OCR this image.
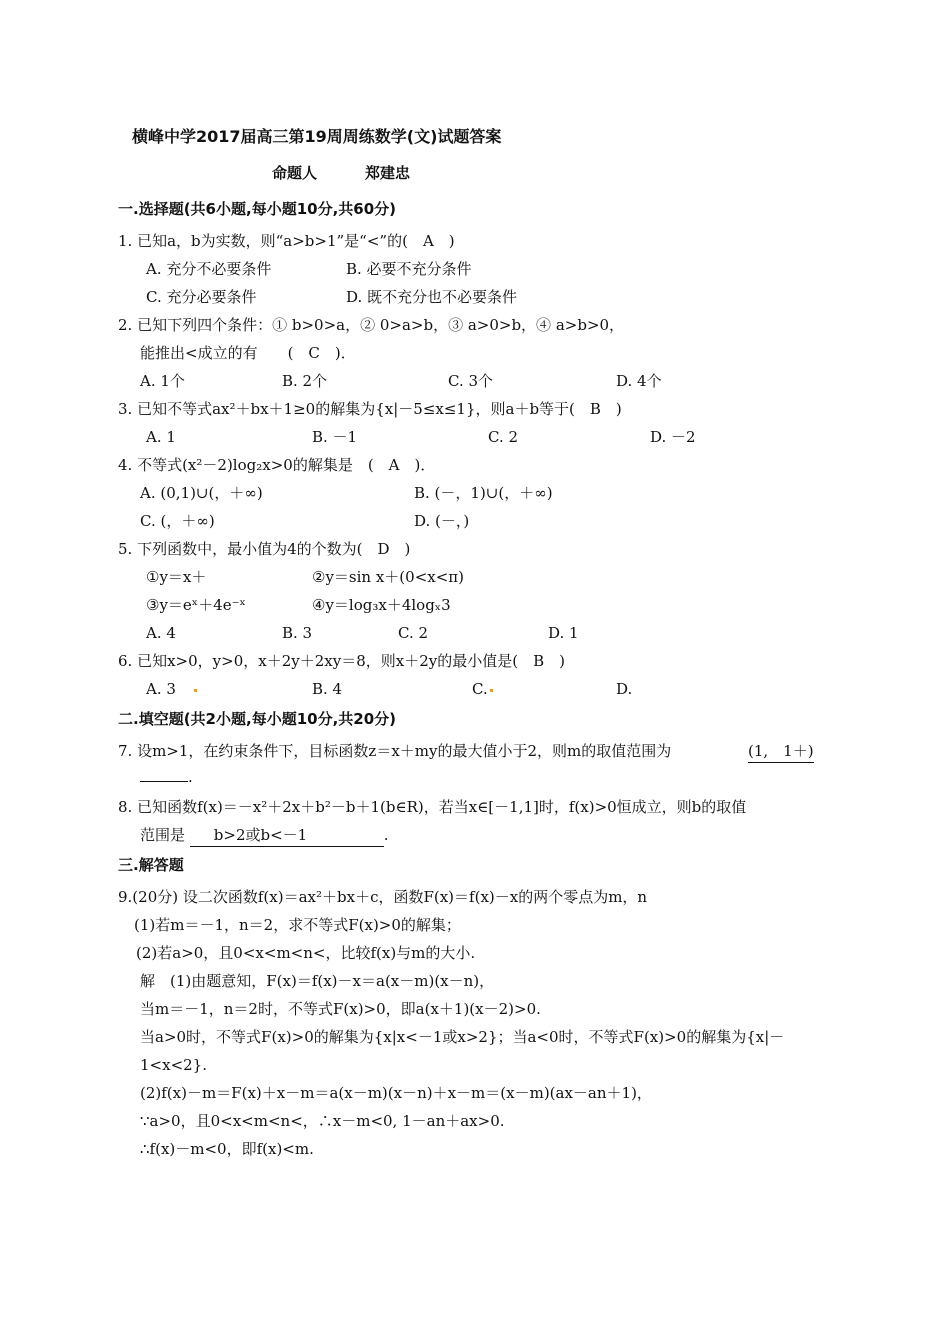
横峰中学2017届高三第19周周练数学(文)试题答案
命题人	郑建忠
一.选择题(共6小题,每小题10分,共60分)
1. 已知a，b为实数，则“a>b>1”是“<”的(　A　)
A. 充分不必要条件	B. 必要不充分条件
C. 充分必要条件	D. 既不充分也不必要条件
2. 已知下列四个条件：① b>0>a，② 0>a>b，③ a>0>b，④ a>b>0，
能推出<成立的有　　(　C　)．
A. 1个	B. 2个	C. 3个	D. 4个
3. 已知不等式ax²＋bx＋1≥0的解集为{x|－5≤x≤1}，则a＋b等于(　B　)
A. 1	B. －1	C. 2	D. －2
4. 不等式(x²－2)log₂x>0的解集是　(　A　)．
A. (0,1)∪(，＋∞)	B. (－，1)∪(，＋∞)
C. (，＋∞)	D. (－，)
5. 下列函数中，最小值为4的个数为(　D　)
①y＝x＋	②y＝sin x＋(0<x<π)
③y＝eˣ＋4e⁻ˣ	④y＝log₃x＋4logₓ3
A. 4	B. 3	C. 2	D. 1
6. 已知x>0，y>0，x＋2y＋2xy＝8，则x＋2y的最小值是(　B　)
A. 3	B. 4	C.	D.
二.填空题(共2小题,每小题10分,共20分)
7. 设m>1，在约束条件下，目标函数z＝x＋my的最大值小于2，则m的取值范围为	(1,　1＋)
.
8. 已知函数f(x)＝－x²＋2x＋b²－b＋1(b∈R)，若当x∈[－1,1]时，f(x)>0恒成立，则b的取值
范围是 b>2或b<－1	.
三.解答题
9.(20分) 设二次函数f(x)＝ax²＋bx＋c，函数F(x)＝f(x)－x的两个零点为m，n
(1)若m＝－1，n＝2，求不等式F(x)>0的解集；
(2)若a>0，且0<x<m<n<，比较f(x)与m的大小.
解　(1)由题意知，F(x)＝f(x)－x＝a(x－m)(x－n)，
当m＝－1，n＝2时，不等式F(x)>0，即a(x＋1)(x－2)>0.
当a>0时，不等式F(x)>0的解集为{x|x<－1或x>2}；当a<0时，不等式F(x)>0的解集为{x|－
1<x<2}.
(2)f(x)－m＝F(x)＋x－m＝a(x－m)(x－n)＋x－m＝(x－m)(ax－an＋1)，
∵a>0，且0<x<m<n<，∴x－m<0, 1－an＋ax>0.
∴f(x)－m<0，即f(x)<m.
